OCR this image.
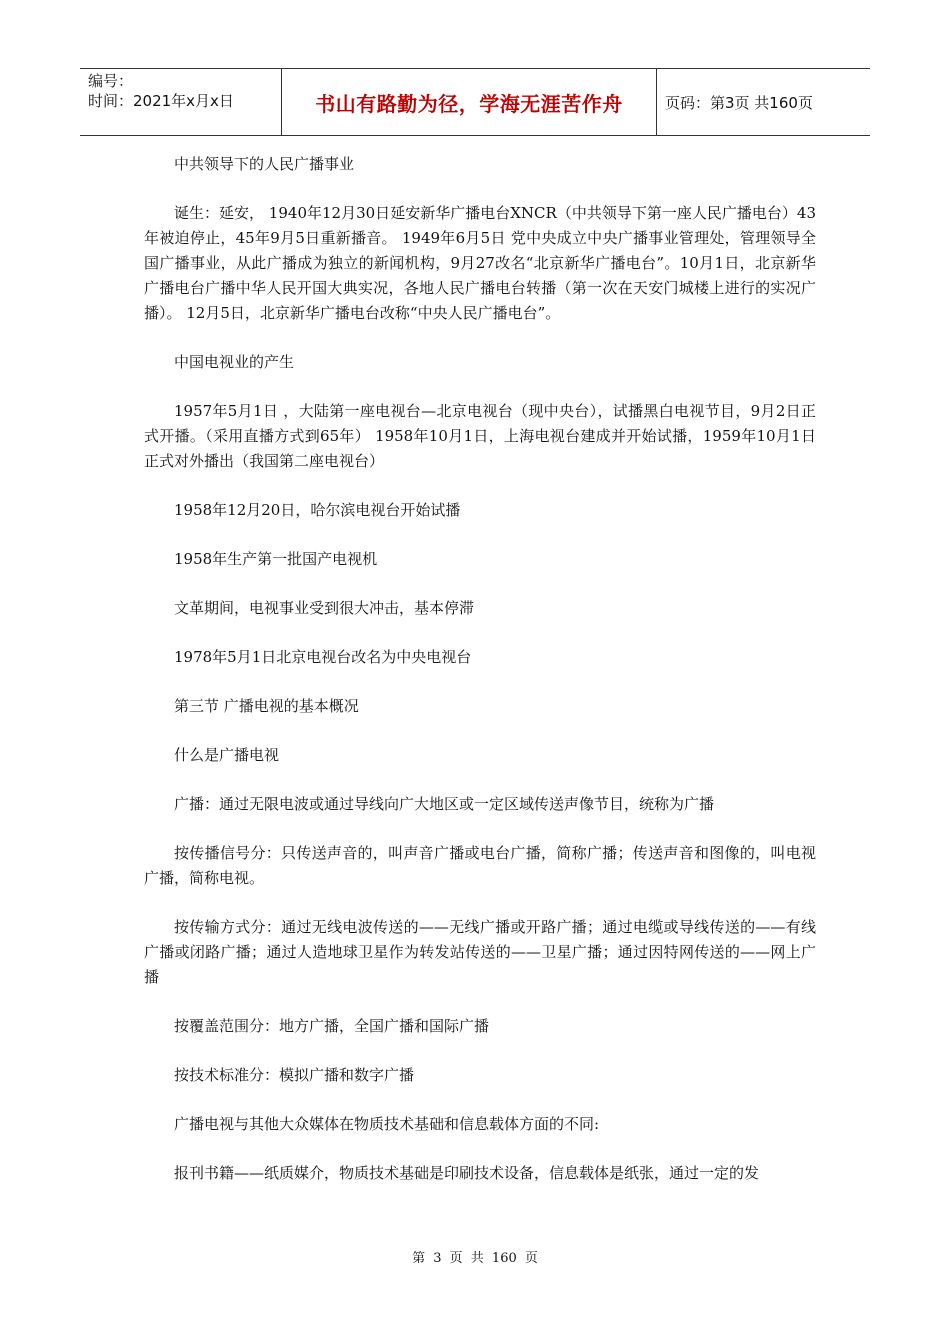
编号：
时间：2021年x月x日	书山有路勤为径，学海无涯苦作舟	页码：第3页 共160页

中共领导下的人民广播事业

诞生：延安， 1940年12月30日延安新华广播电台XNCR（中共领导下第一座人民广播电台）43年被迫停止，45年9月5日重新播音。 1949年6月5日 党中央成立中央广播事业管理处，管理领导全国广播事业，从此广播成为独立的新闻机构，9月27改名“北京新华广播电台”。10月1日，北京新华广播电台广播中华人民开国大典实况，各地人民广播电台转播（第一次在天安门城楼上进行的实况广播）。 12月5日，北京新华广播电台改称“中央人民广播电台”。

中国电视业的产生

1957年5月1日 ，大陆第一座电视台—北京电视台（现中央台），试播黑白电视节目，9月2日正式开播。（采用直播方式到65年） 1958年10月1日，上海电视台建成并开始试播，1959年10月1日正式对外播出（我国第二座电视台）

1958年12月20日，哈尔滨电视台开始试播

1958年生产第一批国产电视机

文革期间，电视事业受到很大冲击，基本停滞

1978年5月1日北京电视台改名为中央电视台

第三节 广播电视的基本概况

什么是广播电视

广播：通过无限电波或通过导线向广大地区或一定区域传送声像节目，统称为广播

按传播信号分：只传送声音的，叫声音广播或电台广播，简称广播；传送声音和图像的，叫电视广播，简称电视。

按传输方式分：通过无线电波传送的——无线广播或开路广播；通过电缆或导线传送的——有线广播或闭路广播；通过人造地球卫星作为转发站传送的——卫星广播；通过因特网传送的——网上广播

按覆盖范围分：地方广播，全国广播和国际广播

按技术标准分：模拟广播和数字广播

广播电视与其他大众媒体在物质技术基础和信息载体方面的不同:

报刊书籍——纸质媒介，物质技术基础是印刷技术设备，信息载体是纸张，通过一定的发

第 3 页 共 160 页
